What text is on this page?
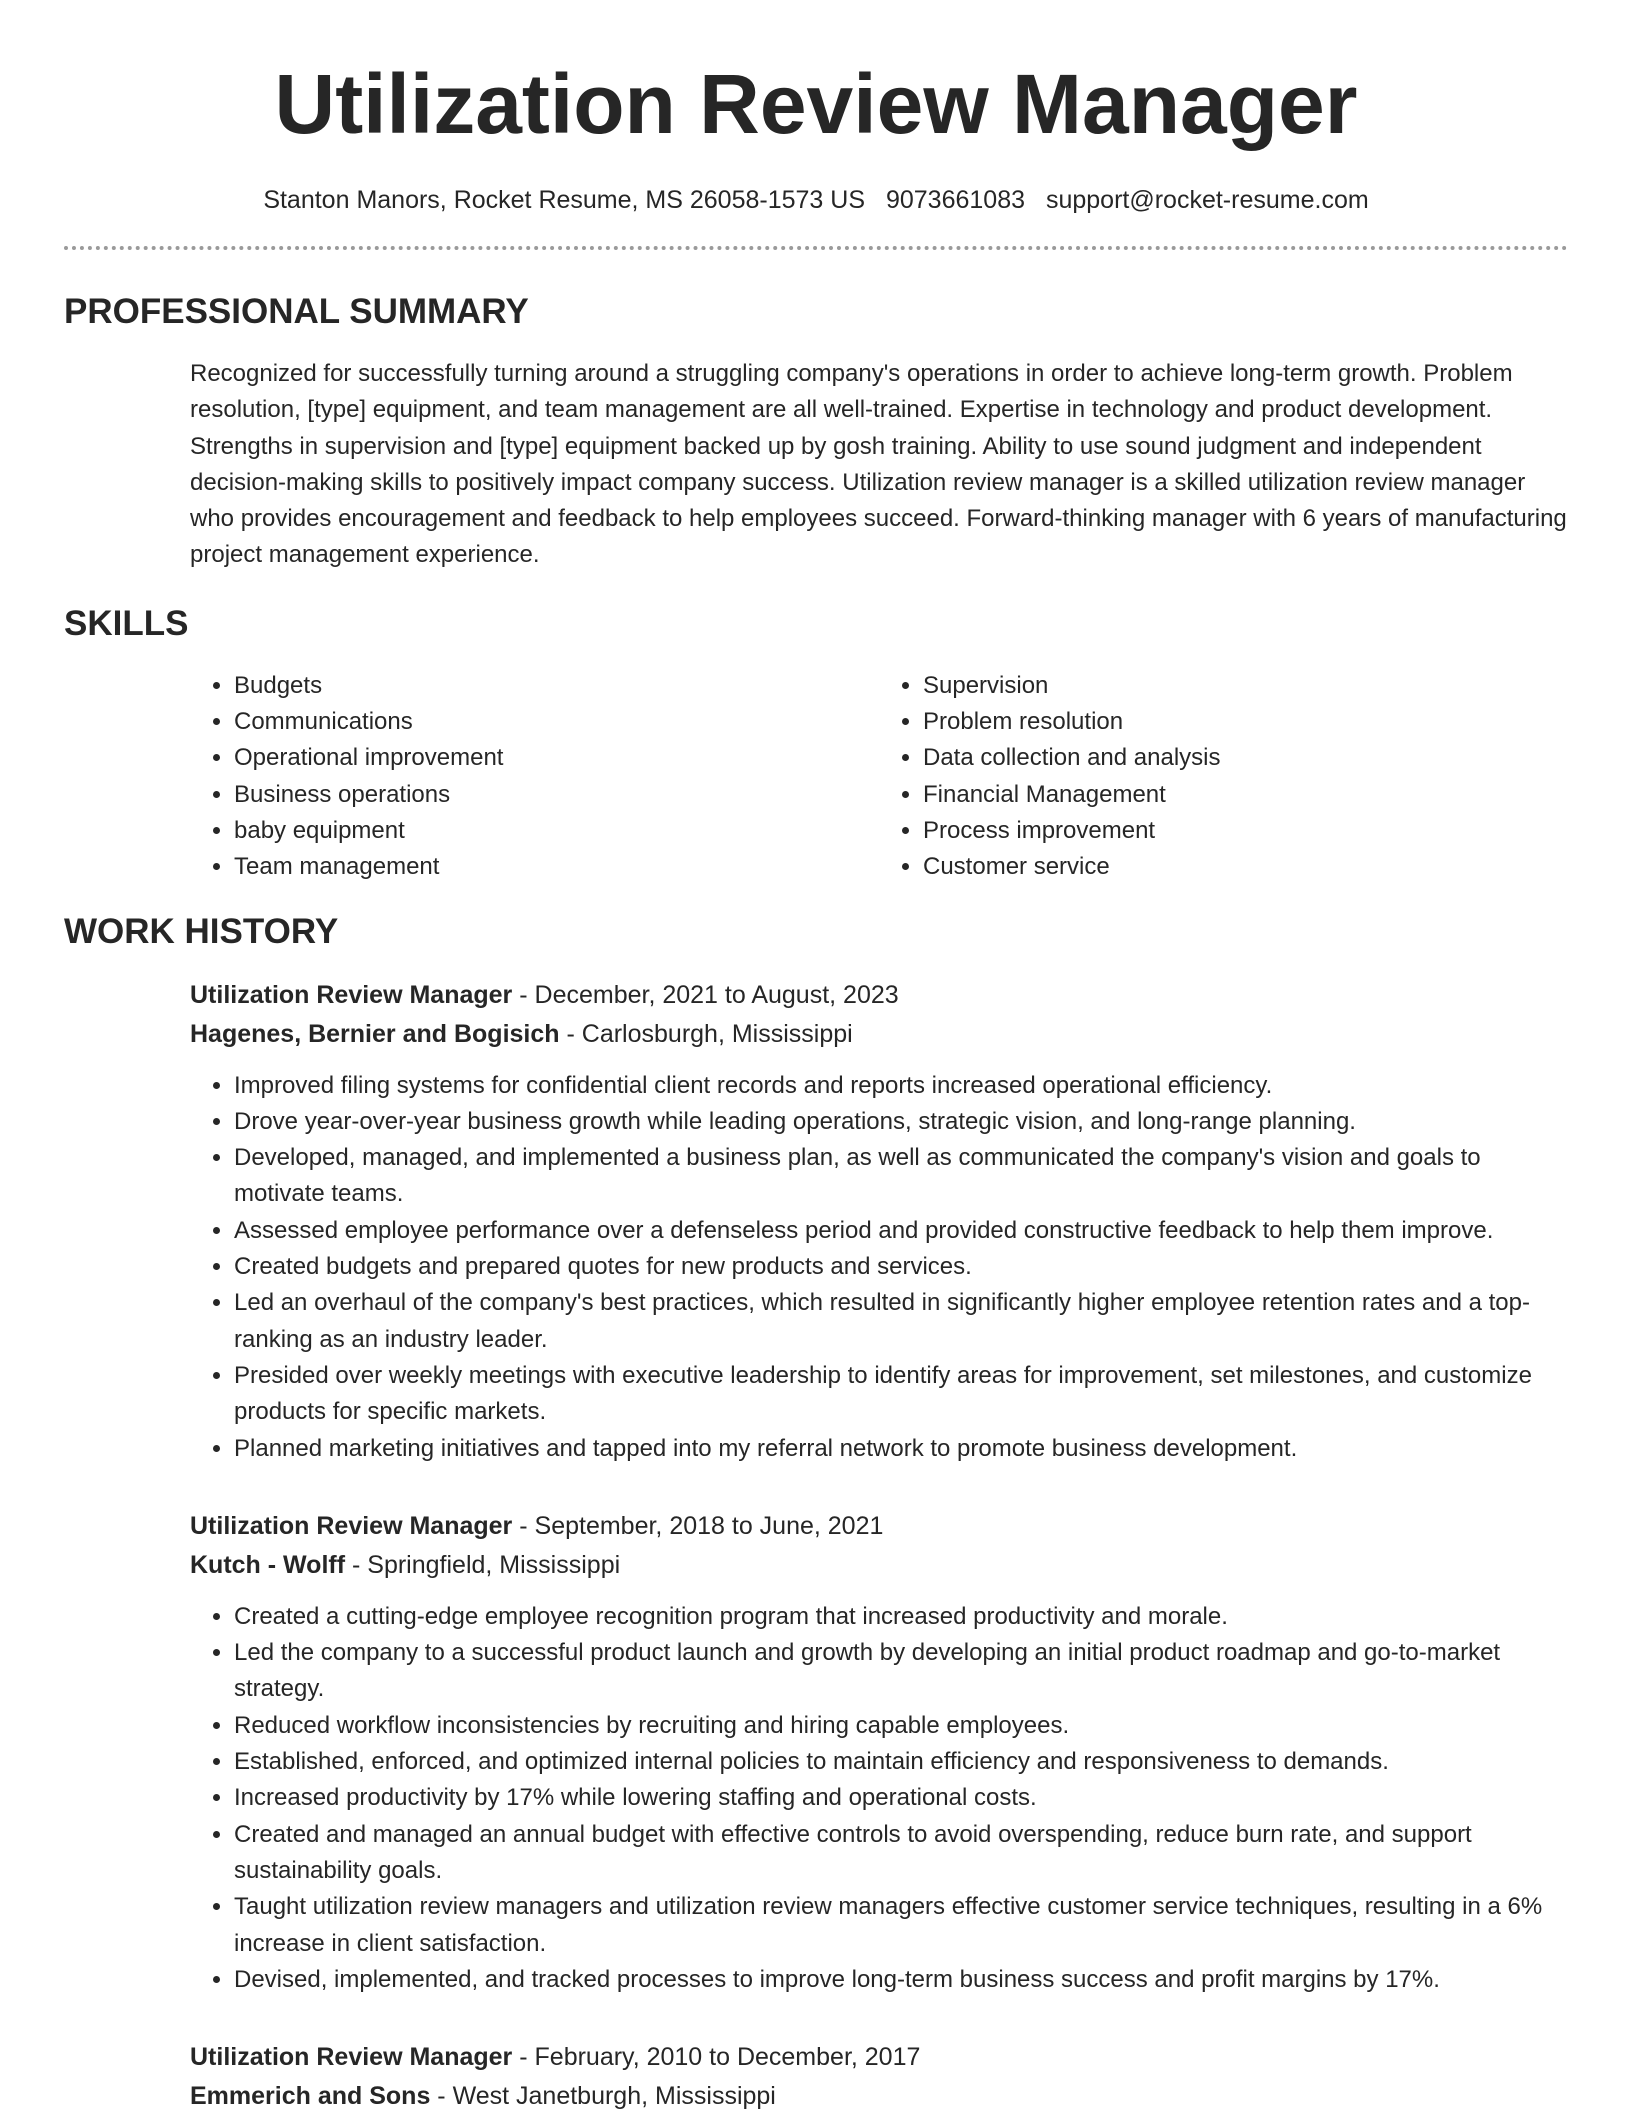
Utilization Review Manager
Stanton Manors, Rocket Resume, MS 26058-1573 US 9073661083 support@rocket-resume.com
PROFESSIONAL SUMMARY
Recognized for successfully turning around a struggling company's operations in order to achieve long-term growth. Problem resolution, [type] equipment, and team management are all well-trained. Expertise in technology and product development. Strengths in supervision and [type] equipment backed up by gosh training. Ability to use sound judgment and independent decision-making skills to positively impact company success. Utilization review manager is a skilled utilization review manager who provides encouragement and feedback to help employees succeed. Forward-thinking manager with 6 years of manufacturing project management experience.
SKILLS
• Budgets
• Communications
• Operational improvement
• Business operations
• baby equipment
• Team management
• Supervision
• Problem resolution
• Data collection and analysis
• Financial Management
• Process improvement
• Customer service
WORK HISTORY
Utilization Review Manager - December, 2021 to August, 2023
Hagenes, Bernier and Bogisich - Carlosburgh, Mississippi
• Improved filing systems for confidential client records and reports increased operational efficiency.
• Drove year-over-year business growth while leading operations, strategic vision, and long-range planning.
• Developed, managed, and implemented a business plan, as well as communicated the company's vision and goals to motivate teams.
• Assessed employee performance over a defenseless period and provided constructive feedback to help them improve.
• Created budgets and prepared quotes for new products and services.
• Led an overhaul of the company's best practices, which resulted in significantly higher employee retention rates and a top-ranking as an industry leader.
• Presided over weekly meetings with executive leadership to identify areas for improvement, set milestones, and customize products for specific markets.
• Planned marketing initiatives and tapped into my referral network to promote business development.
Utilization Review Manager - September, 2018 to June, 2021
Kutch - Wolff - Springfield, Mississippi
• Created a cutting-edge employee recognition program that increased productivity and morale.
• Led the company to a successful product launch and growth by developing an initial product roadmap and go-to-market strategy.
• Reduced workflow inconsistencies by recruiting and hiring capable employees.
• Established, enforced, and optimized internal policies to maintain efficiency and responsiveness to demands.
• Increased productivity by 17% while lowering staffing and operational costs.
• Created and managed an annual budget with effective controls to avoid overspending, reduce burn rate, and support sustainability goals.
• Taught utilization review managers and utilization review managers effective customer service techniques, resulting in a 6% increase in client satisfaction.
• Devised, implemented, and tracked processes to improve long-term business success and profit margins by 17%.
Utilization Review Manager - February, 2010 to December, 2017
Emmerich and Sons - West Janetburgh, Mississippi
